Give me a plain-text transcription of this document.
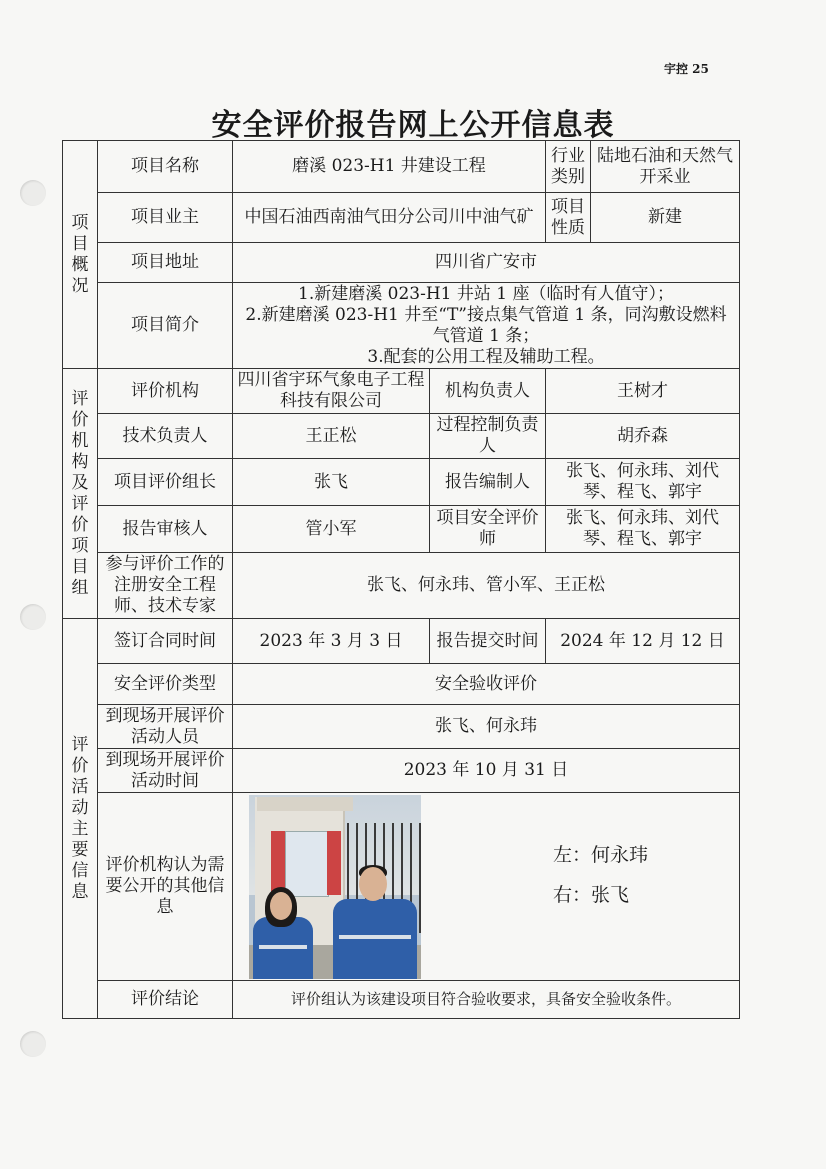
宇控 25
安全评价报告网上公开信息表
项目概况	项目名称	磨溪 023-H1 井建设工程		行业类别	陆地石油和天然气开采业
	项目业主	中国石油西南油气田分公司川中油气矿		项目性质	新建
	项目地址	四川省广安市			
	项目简介	1.新建磨溪 023-H1 井站 1 座（临时有人值守）；
2.新建磨溪 023-H1 井至“T”接点集气管道 1 条，同沟敷设燃料气管道 1 条；
3.配套的公用工程及辅助工程。			

评价机构及评价项目组	评价机构	四川省宇环气象电子工程科技有限公司	机构负责人	王树才	
	技术负责人	王正松	过程控制负责人	胡乔森	
	项目评价组长	张飞	报告编制人	张飞、何永玮、刘代琴、程飞、郭宇	
	报告审核人	管小军	项目安全评价师	张飞、何永玮、刘代琴、程飞、郭宇	
	参与评价工作的注册安全工程师、技术专家	张飞、何永玮、管小军、王正松			

评价活动主要信息	签订合同时间	2023 年 3 月 3 日	报告提交时间	2024 年 12 月 12 日	
	安全评价类型	安全验收评价			
	到现场开展评价活动人员	张飞、何永玮			
	到现场开展评价活动时间	2023 年 10 月 31 日			
	评价机构认为需要公开的其他信息	左：何永玮
右：张飞			

	评价结论	评价组认为该建设项目符合验收要求，具备安全验收条件。			
